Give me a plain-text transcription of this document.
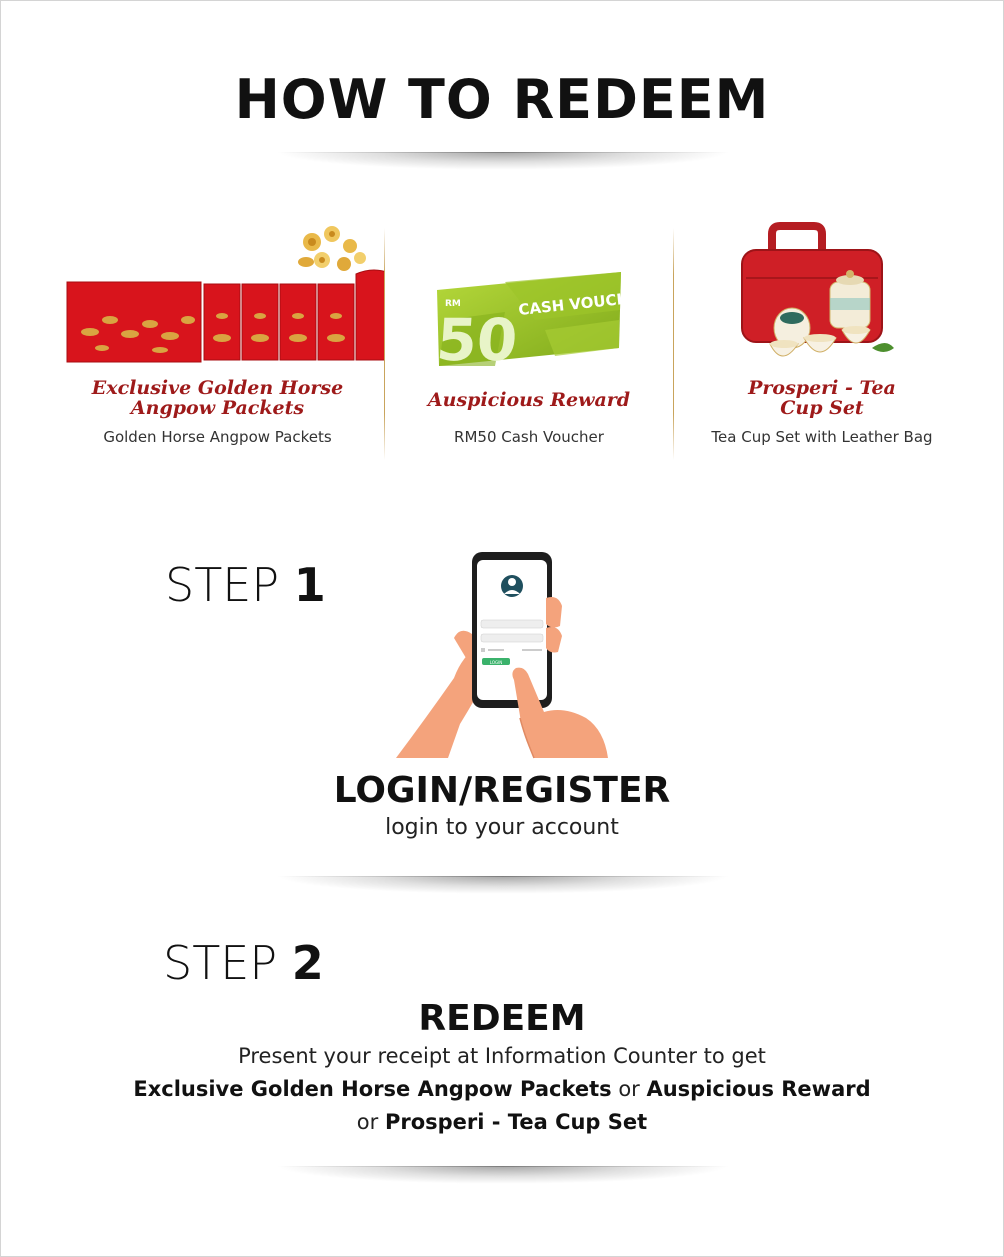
HOW TO REDEEM
Exclusive Golden Horse
Angpow Packets
Golden Horse Angpow Packets
RM
50
CASH VOUCHER
Auspicious Reward
RM50 Cash Voucher
Prosperi - Tea
Cup Set
Tea Cup Set with Leather Bag
STEP 1
LOGIN
LOGIN/REGISTER
login to your account
STEP 2
REDEEM
Present your receipt at Information Counter to get
Exclusive Golden Horse Angpow Packets or Auspicious Reward
or Prosperi - Tea Cup Set
